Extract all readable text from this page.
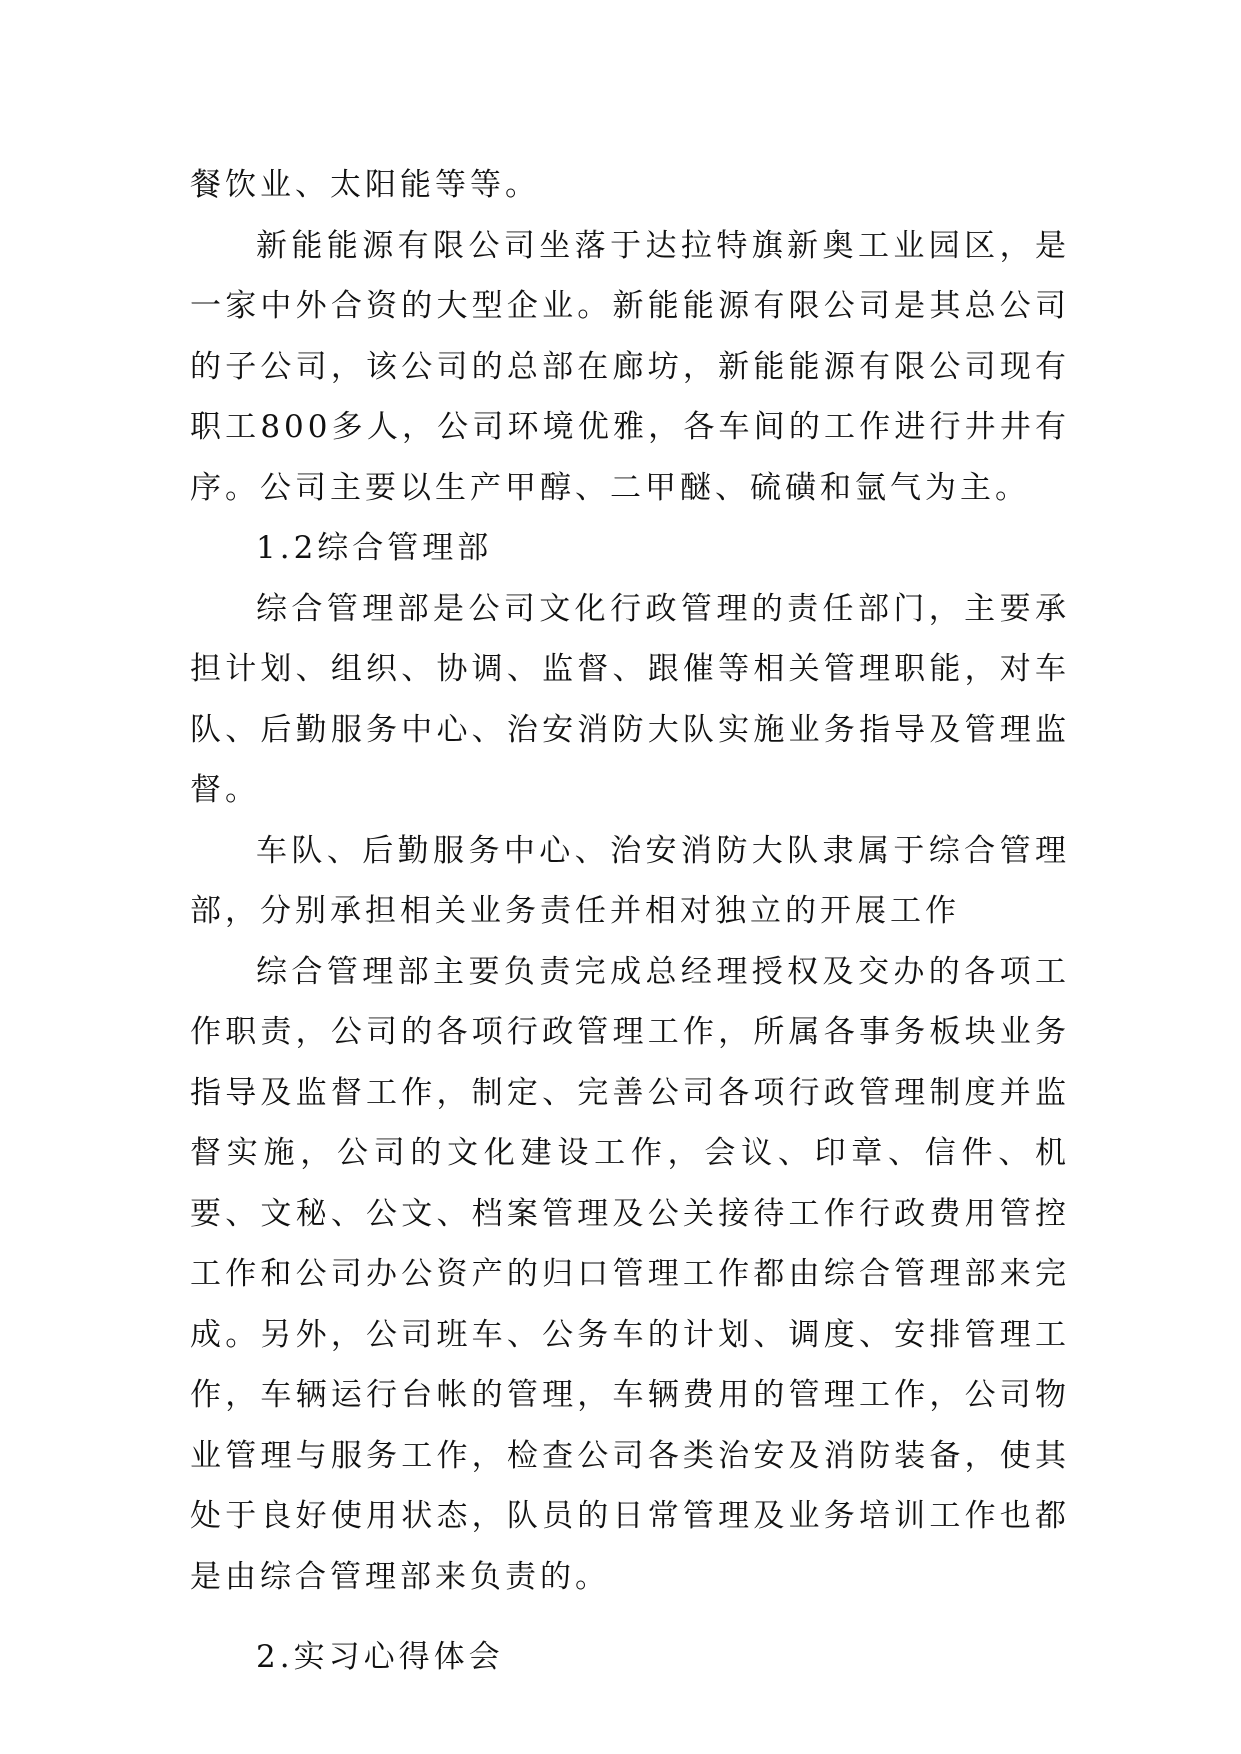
餐饮业、太阳能等等。

新能能源有限公司坐落于达拉特旗新奥工业园区，是一家中外合资的大型企业。新能能源有限公司是其总公司的子公司，该公司的总部在廊坊，新能能源有限公司现有职工800多人，公司环境优雅，各车间的工作进行井井有序。公司主要以生产甲醇、二甲醚、硫磺和氩气为主。

1.2综合管理部

综合管理部是公司文化行政管理的责任部门，主要承担计划、组织、协调、监督、跟催等相关管理职能，对车队、后勤服务中心、治安消防大队实施业务指导及管理监督。

车队、后勤服务中心、治安消防大队隶属于综合管理部，分别承担相关业务责任并相对独立的开展工作

综合管理部主要负责完成总经理授权及交办的各项工作职责，公司的各项行政管理工作，所属各事务板块业务指导及监督工作，制定、完善公司各项行政管理制度并监督实施，公司的文化建设工作，会议、印章、信件、机要、文秘、公文、档案管理及公关接待工作行政费用管控工作和公司办公资产的归口管理工作都由综合管理部来完成。另外，公司班车、公务车的计划、调度、安排管理工作，车辆运行台帐的管理，车辆费用的管理工作，公司物业管理与服务工作，检查公司各类治安及消防装备，使其处于良好使用状态，队员的日常管理及业务培训工作也都是由综合管理部来负责的。

2.实习心得体会
